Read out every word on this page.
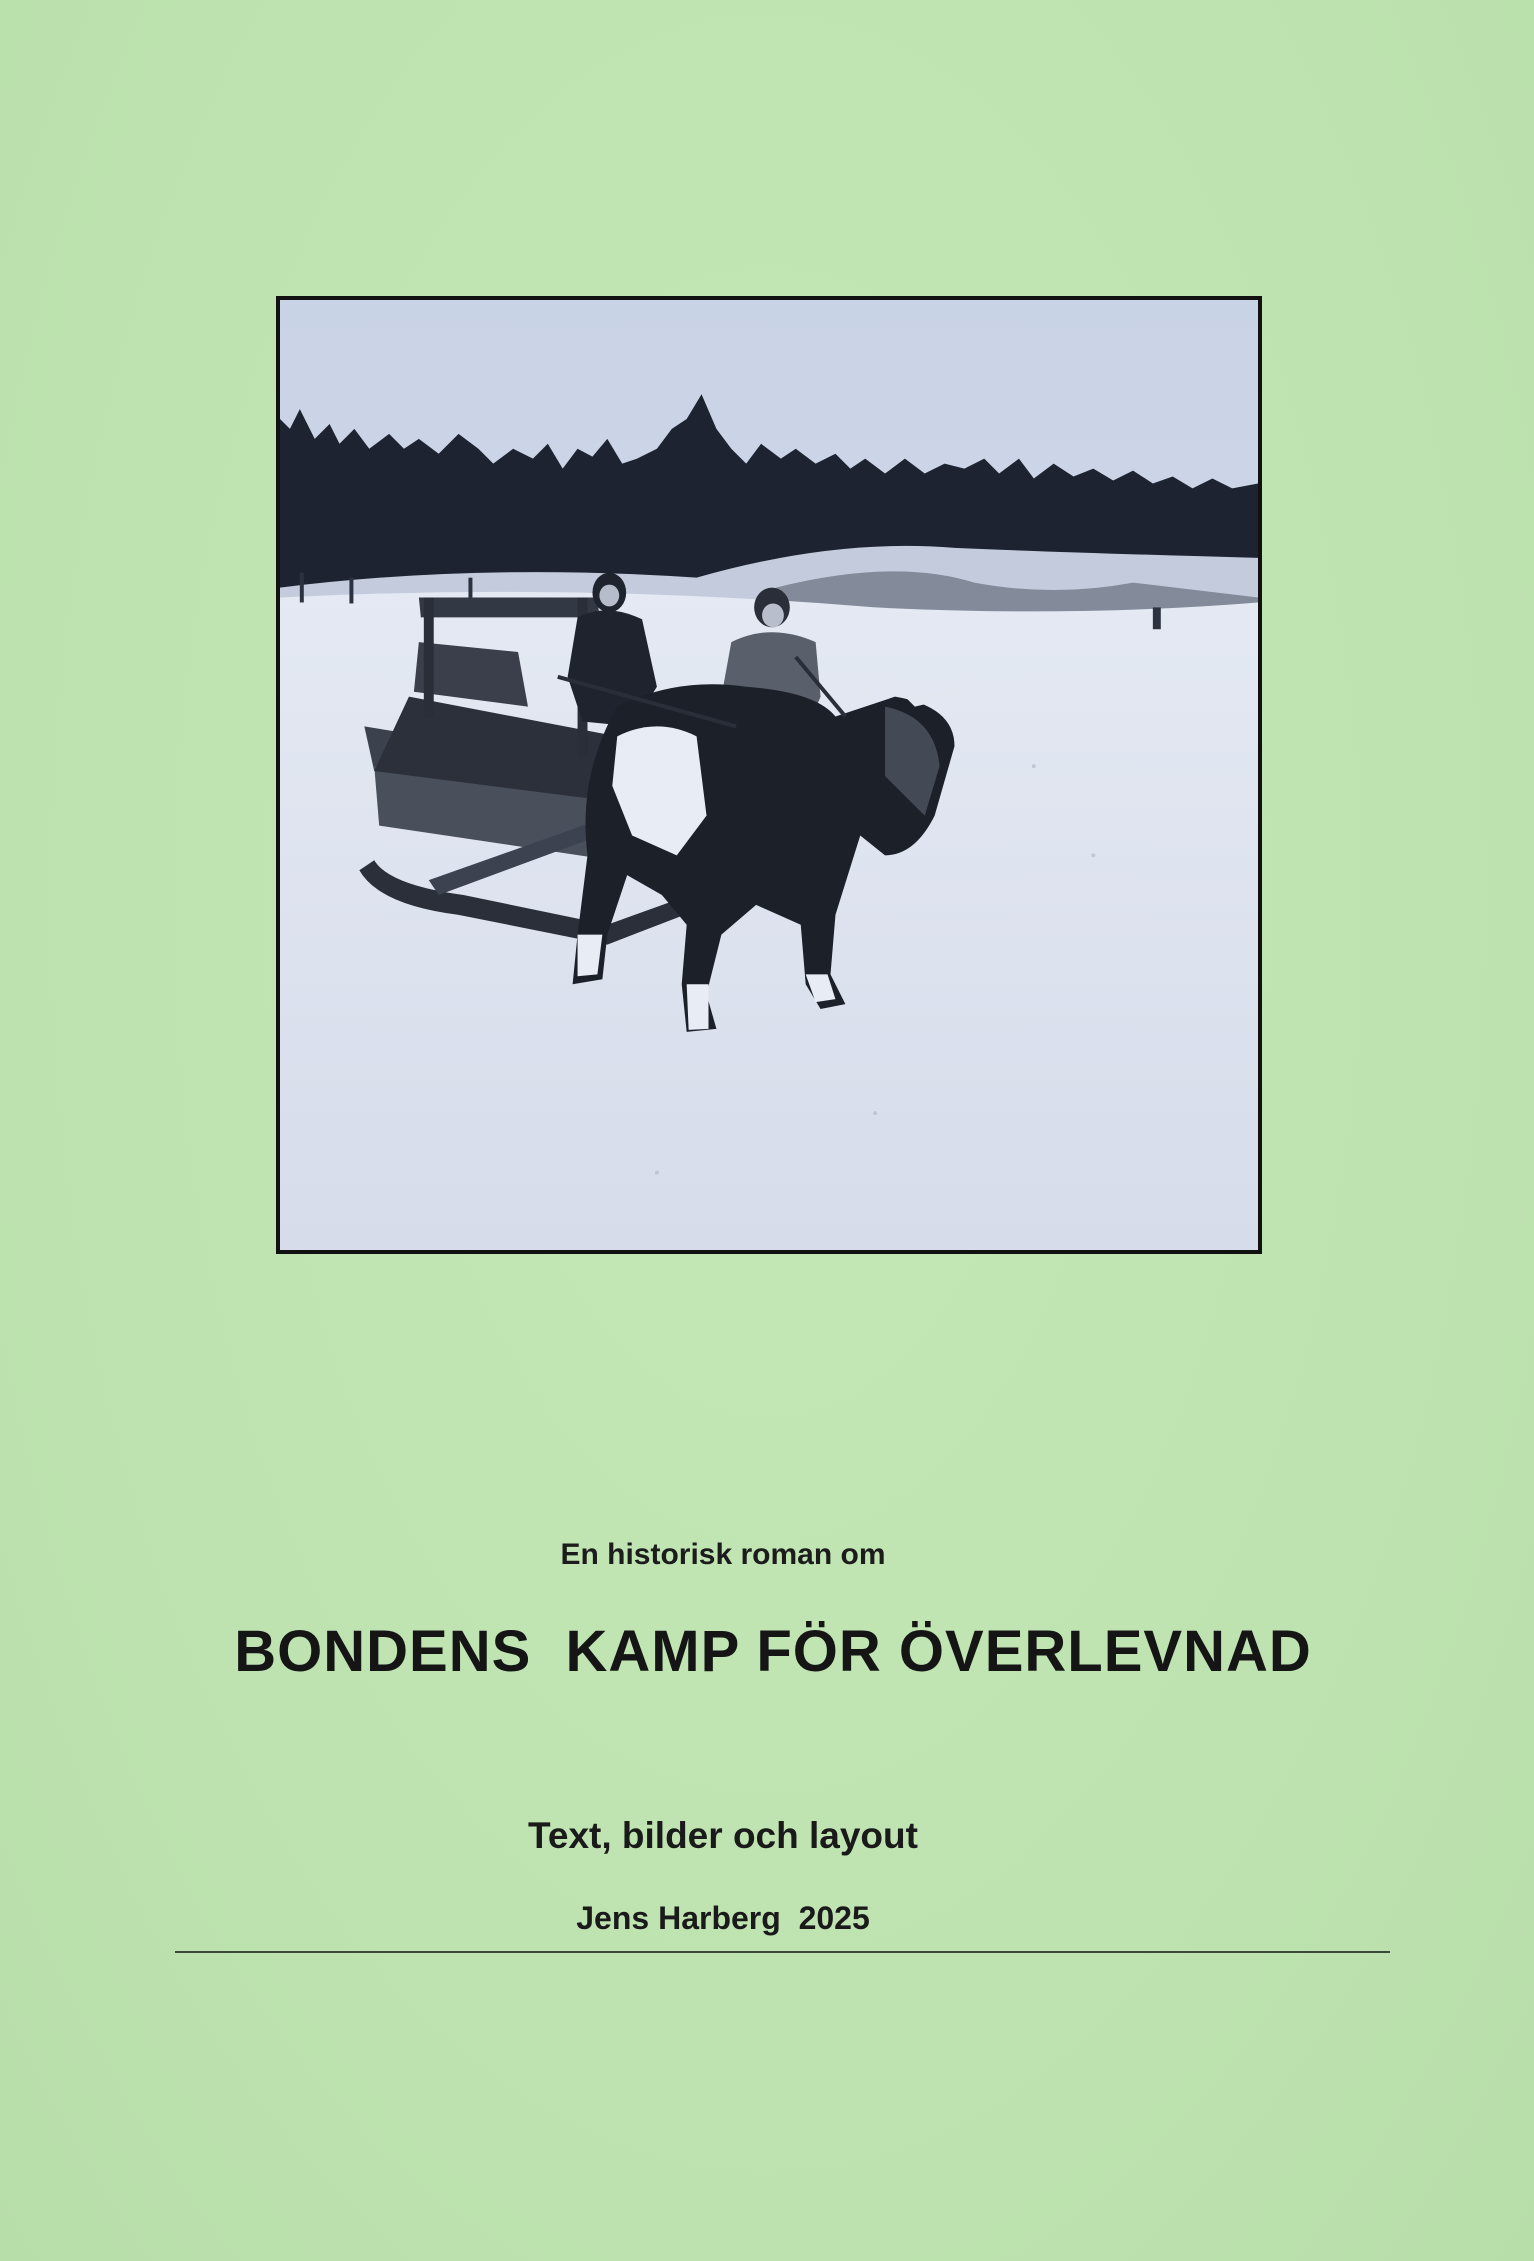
En historisk roman om
BONDENS  KAMP FÖR ÖVERLEVNAD
Text, bilder och layout
Jens Harberg  2025
